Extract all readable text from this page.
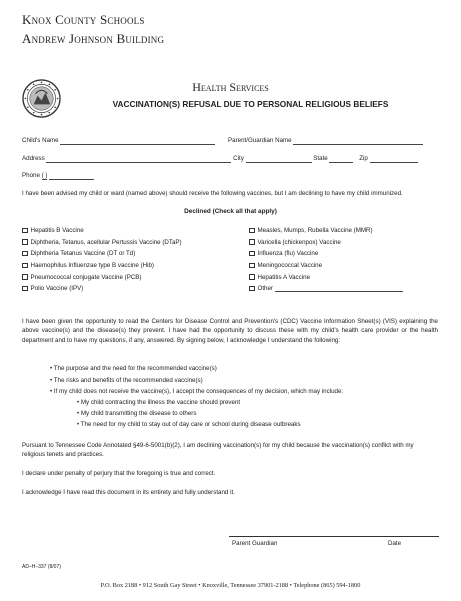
Knox County Schools
Andrew Johnson Building
Health Services
VACCINATION(S) REFUSAL DUE TO PERSONAL RELIGIOUS BELIEFS
Child's Name	Parent/Guardian Name
Address	City	State	Zip
Phone ( )
I have been advised my child or ward (named above) should receive the following vaccines, but I am declining to have my child immunized.
Declined (Check all that apply)
Hepatitis B Vaccine
Diphtheria, Tetanus, acellular Pertussis Vaccine (DTaP)
Diphtheria Tetanus Vaccine (DT or Td)
Haemophilus Influenzae type B vaccine (Hib)
Pneumococcal conjugate Vaccine (PCB)
Polio Vaccine (IPV)
Measles, Mumps, Rubella Vaccine (MMR)
Varicella (chickenpox) Vaccine
Influenza (flu) Vaccine
Meningococcal Vaccine
Hepatitis A Vaccine
Other
I have been given the opportunity to read the Centers for Disease Control and Prevention's (CDC) Vaccine Information Sheet(s) (VIS) explaining the above vaccine(s) and the disease(s) they prevent. I have had the opportunity to discuss these with my child's health care provider or the health department and to have my questions, if any, answered. By signing below, I acknowledge I understand the following:
• The purpose and the need for the recommended vaccine(s)
• The risks and benefits of the recommended vaccine(s)
• If my child does not receive the vaccine(s), I accept the consequences of my decision, which may include:
• My child contracting the illness the vaccine should prevent
• My child transmitting the disease to others
• The need for my child to stay out of day care or school during disease outbreaks
Pursuant to Tennessee Code Annotated §49-6-5001(b)(2), I am declining vaccination(s) for my child because the vaccination(s) conflict with my religious tenets and practices.
I declare under penalty of perjury that the foregoing is true and correct.
I acknowledge I have read this document in its entirety and fully understand it.
Parent Guardian	Date
AD–H–337 (8/07)
P.O. Box 2188 • 912 South Gay Street • Knoxville, Tennessee 37901-2188 • Telephone (865) 594-1800
